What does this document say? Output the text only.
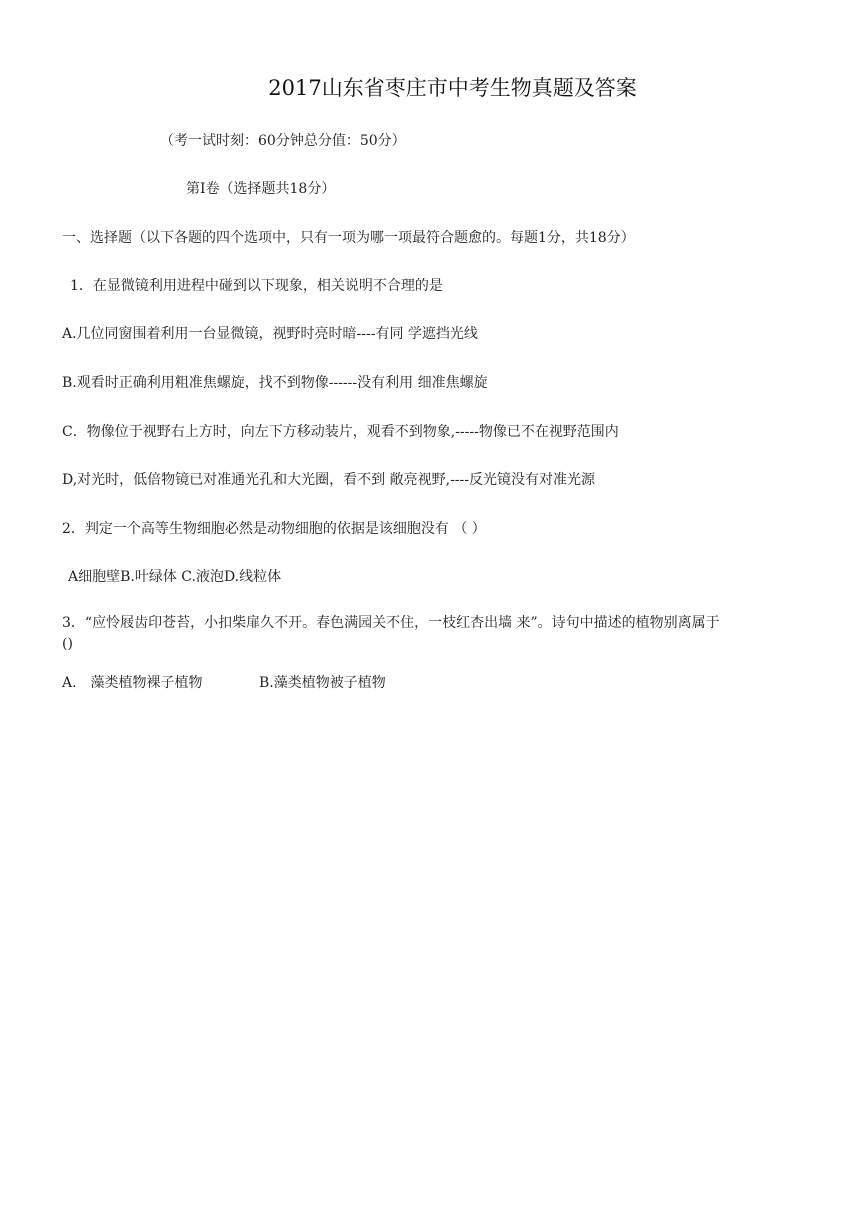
2017山东省枣庄市中考生物真题及答案
（考一试时刻：60分钟总分值：50分）
第Ⅰ卷（选择题共18分）
一、选择题（以下各题的四个选项中，只有一项为哪一项最符合题愈的。每题1分，共18分）
1．在显微镜利用进程中碰到以下现象，相关说明不合理的是
A.几位同窗围着利用一台显微镜，视野时亮时暗----有同 学遮挡光线
B.观看时正确利用粗准焦螺旋，找不到物像------没有利用 细准焦螺旋
C．物像位于视野右上方时，向左下方移动装片，观看不到物象,-----物像已不在视野范围内
D,对光时，低倍物镜已对准通光孔和大光圈，看不到 敞亮视野,----反光镜没有对准光源
2．判定一个高等生物细胞必然是动物细胞的依据是该细胞没有 （ ）
A细胞壁B.叶绿体 C.液泡D.线粒体
3．“应怜屐齿印苍苔，小扣柴扉久不开。春色满园关不住，一枝红杏出墙 来”。诗句中描述的植物别离属于
()
A.　藻类植物裸子植物	B.藻类植物被子植物
